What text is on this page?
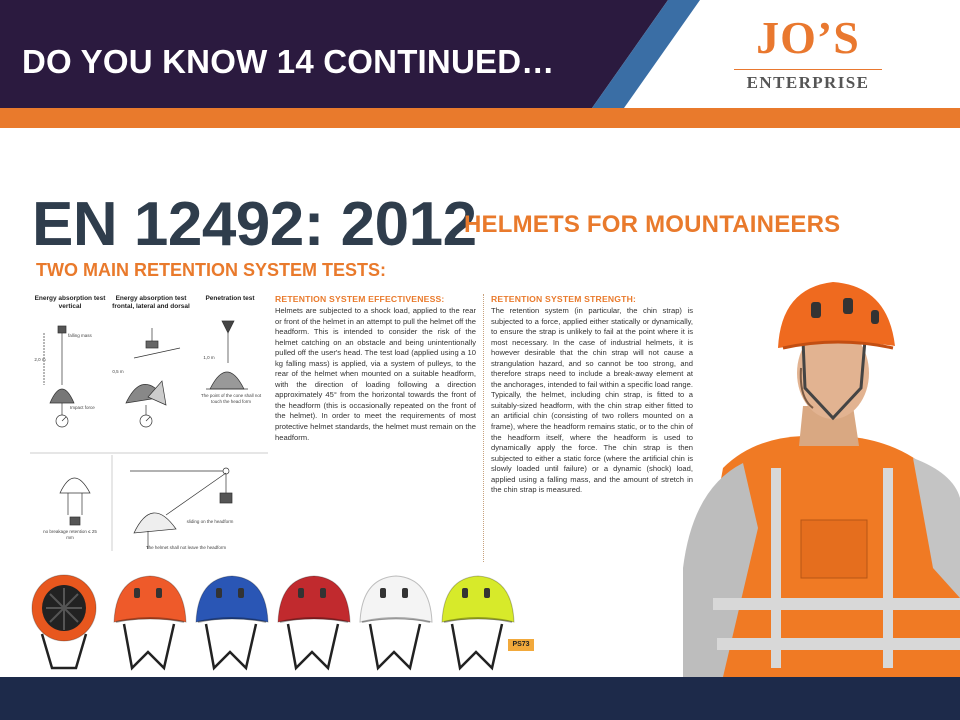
DO YOU KNOW 14 CONTINUED…	JO’S
ENTERPRISE
EN 12492: 2012
HELMETS FOR MOUNTAINEERS
TWO MAIN RETENTION SYSTEM TESTS:
Energy absorption test vertical
Energy absorption test frontal, lateral and dorsal
Penetration test
2,0 m
falling mass
0,5 m
1,0 m
Impact force
The point of the cone shall not touch the head form
no breakage retention ≤ 25 mm
sliding on the headform
The helmet shall not leave the headform

RETENTION SYSTEM EFFECTIVENESS:

Helmets are subjected to a shock load, applied to the rear or front of the helmet in an attempt to pull the helmet off the headform. This is intended to consider the risk of the helmet catching on an obstacle and being unintentionally pulled off the user's head. The test load (applied using a 10 kg falling mass) is applied, via a system of pulleys, to the rear of the helmet when mounted on a suitable headform, with the direction of loading following a direction approximately 45° from the horizontal towards the front of the headform (this is occasionally repeated on the front of the helmet). In order to meet the requirements of most protective helmet standards, the helmet must remain on the headform.

RETENTION SYSTEM STRENGTH:

The retention system (in particular, the chin strap) is subjected to a force, applied either statically or dynamically, to ensure the strap is unlikely to fail at the point where it is most necessary. In the case of industrial helmets, it is however desirable that the chin strap will not cause a strangulation hazard, and so cannot be too strong, and therefore straps need to include a break-away element at the anchorages, intended to fail within a specific load range. Typically, the helmet, including chin strap, is fitted to a suitably-sized headform, with the chin strap either fitted to an artificial chin (consisting of two rollers mounted on a frame), where the headform remains static, or to the chin of the headform itself, where the headform is used to dynamically apply the force. The chin strap is then subjected to either a static force (where the artificial chin is slowly loaded until failure) or a dynamic (shock) load, applied using a falling mass, and the amount of stretch in the chin strap is measured.

PS73
